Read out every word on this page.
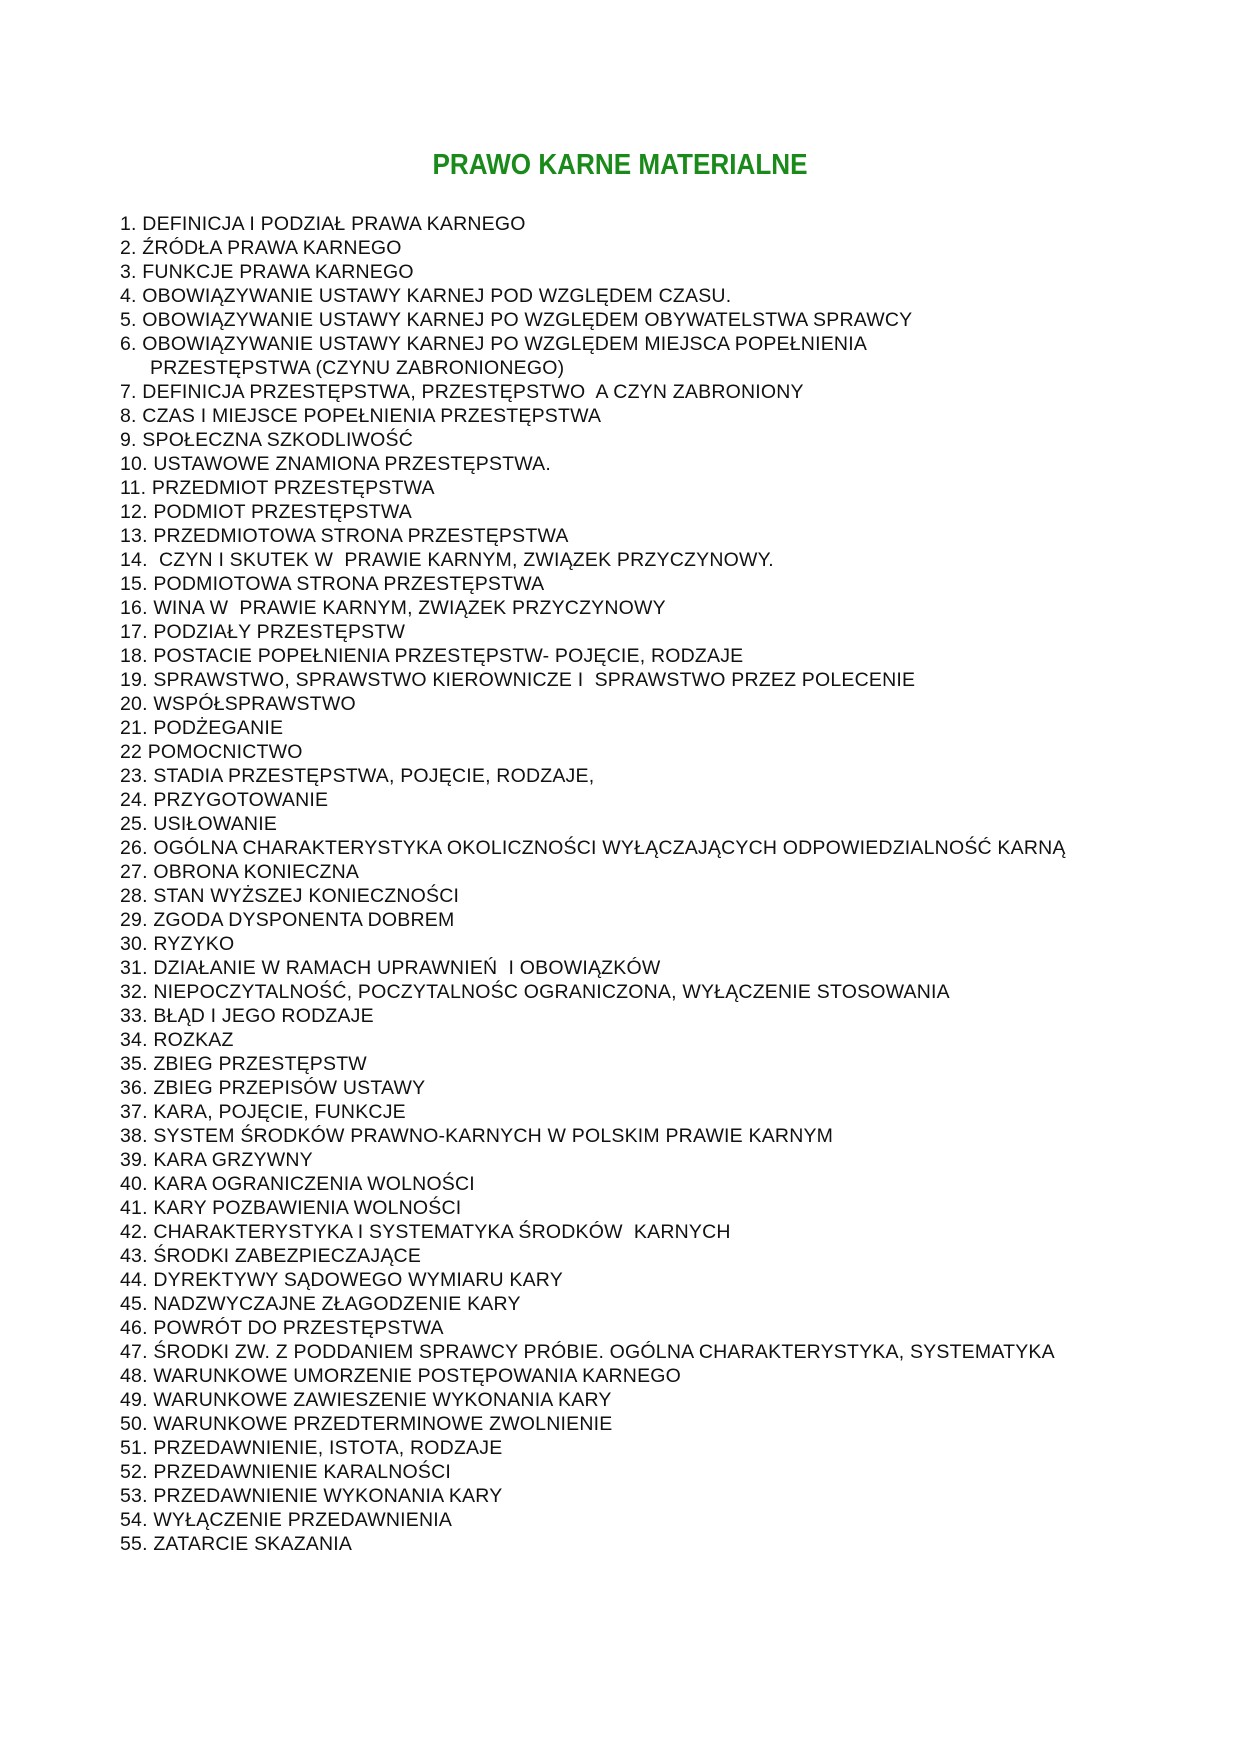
PRAWO KARNE MATERIALNE
1. DEFINICJA I PODZIAŁ PRAWA KARNEGO
2. ŹRÓDŁA PRAWA KARNEGO
3. FUNKCJE PRAWA KARNEGO
4. OBOWIĄZYWANIE USTAWY KARNEJ POD WZGLĘDEM CZASU.
5. OBOWIĄZYWANIE USTAWY KARNEJ PO WZGLĘDEM OBYWATELSTWA SPRAWCY
6. OBOWIĄZYWANIE USTAWY KARNEJ PO WZGLĘDEM MIEJSCA POPEŁNIENIA
PRZESTĘPSTWA (CZYNU ZABRONIONEGO)
7. DEFINICJA PRZESTĘPSTWA, PRZESTĘPSTWO  A CZYN ZABRONIONY
8. CZAS I MIEJSCE POPEŁNIENIA PRZESTĘPSTWA
9. SPOŁECZNA SZKODLIWOŚĆ
10. USTAWOWE ZNAMIONA PRZESTĘPSTWA.
11. PRZEDMIOT PRZESTĘPSTWA
12. PODMIOT PRZESTĘPSTWA
13. PRZEDMIOTOWA STRONA PRZESTĘPSTWA
14.  CZYN I SKUTEK W  PRAWIE KARNYM, ZWIĄZEK PRZYCZYNOWY.
15. PODMIOTOWA STRONA PRZESTĘPSTWA
16. WINA W  PRAWIE KARNYM, ZWIĄZEK PRZYCZYNOWY
17. PODZIAŁY PRZESTĘPSTW
18. POSTACIE POPEŁNIENIA PRZESTĘPSTW- POJĘCIE, RODZAJE
19. SPRAWSTWO, SPRAWSTWO KIEROWNICZE I  SPRAWSTWO PRZEZ POLECENIE
20. WSPÓŁSPRAWSTWO
21. PODŻEGANIE
22 POMOCNICTWO
23. STADIA PRZESTĘPSTWA, POJĘCIE, RODZAJE,
24. PRZYGOTOWANIE
25. USIŁOWANIE
26. OGÓLNA CHARAKTERYSTYKA OKOLICZNOŚCI WYŁĄCZAJĄCYCH ODPOWIEDZIALNOŚĆ KARNĄ
27. OBRONA KONIECZNA
28. STAN WYŻSZEJ KONIECZNOŚCI
29. ZGODA DYSPONENTA DOBREM
30. RYZYKO
31. DZIAŁANIE W RAMACH UPRAWNIEŃ  I OBOWIĄZKÓW
32. NIEPOCZYTALNOŚĆ, POCZYTALNOŚC OGRANICZONA, WYŁĄCZENIE STOSOWANIA
33. BŁĄD I JEGO RODZAJE
34. ROZKAZ
35. ZBIEG PRZESTĘPSTW
36. ZBIEG PRZEPISÓW USTAWY
37. KARA, POJĘCIE, FUNKCJE
38. SYSTEM ŚRODKÓW PRAWNO-KARNYCH W POLSKIM PRAWIE KARNYM
39. KARA GRZYWNY
40. KARA OGRANICZENIA WOLNOŚCI
41. KARY POZBAWIENIA WOLNOŚCI
42. CHARAKTERYSTYKA I SYSTEMATYKA ŚRODKÓW  KARNYCH
43. ŚRODKI ZABEZPIECZAJĄCE
44. DYREKTYWY SĄDOWEGO WYMIARU KARY
45. NADZWYCZAJNE ZŁAGODZENIE KARY
46. POWRÓT DO PRZESTĘPSTWA
47. ŚRODKI ZW. Z PODDANIEM SPRAWCY PRÓBIE. OGÓLNA CHARAKTERYSTYKA, SYSTEMATYKA
48. WARUNKOWE UMORZENIE POSTĘPOWANIA KARNEGO
49. WARUNKOWE ZAWIESZENIE WYKONANIA KARY
50. WARUNKOWE PRZEDTERMINOWE ZWOLNIENIE
51. PRZEDAWNIENIE, ISTOTA, RODZAJE
52. PRZEDAWNIENIE KARALNOŚCI
53. PRZEDAWNIENIE WYKONANIA KARY
54. WYŁĄCZENIE PRZEDAWNIENIA
55. ZATARCIE SKAZANIA
